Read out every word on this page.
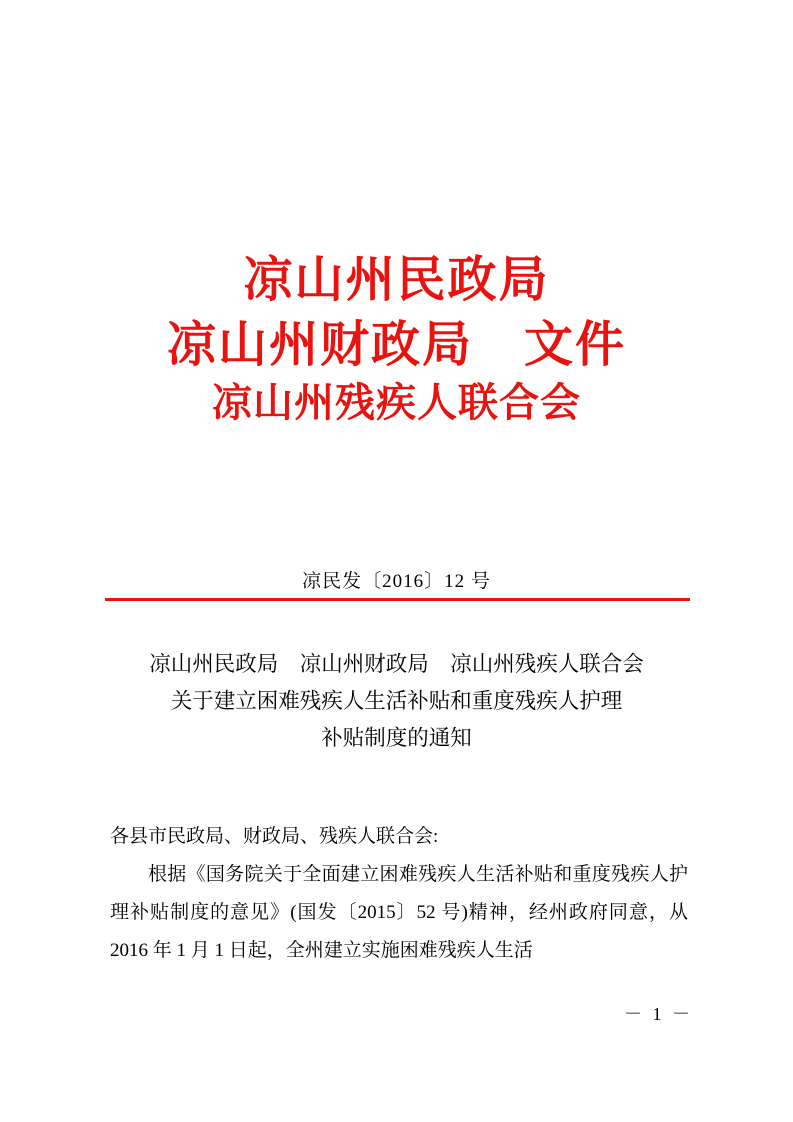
凉山州民政局
凉山州财政局　文件
凉山州残疾人联合会
凉民发〔2016〕12 号
凉山州民政局　凉山州财政局　凉山州残疾人联合会
关于建立困难残疾人生活补贴和重度残疾人护理
补贴制度的通知

各县市民政局、财政局、残疾人联合会:

根据《国务院关于全面建立困难残疾人生活补贴和重度残疾人护理补贴制度的意见》(国发〔2015〕52 号)精神，经州政府同意，从 2016 年 1 月 1 日起，全州建立实施困难残疾人生活

－ 1 －
